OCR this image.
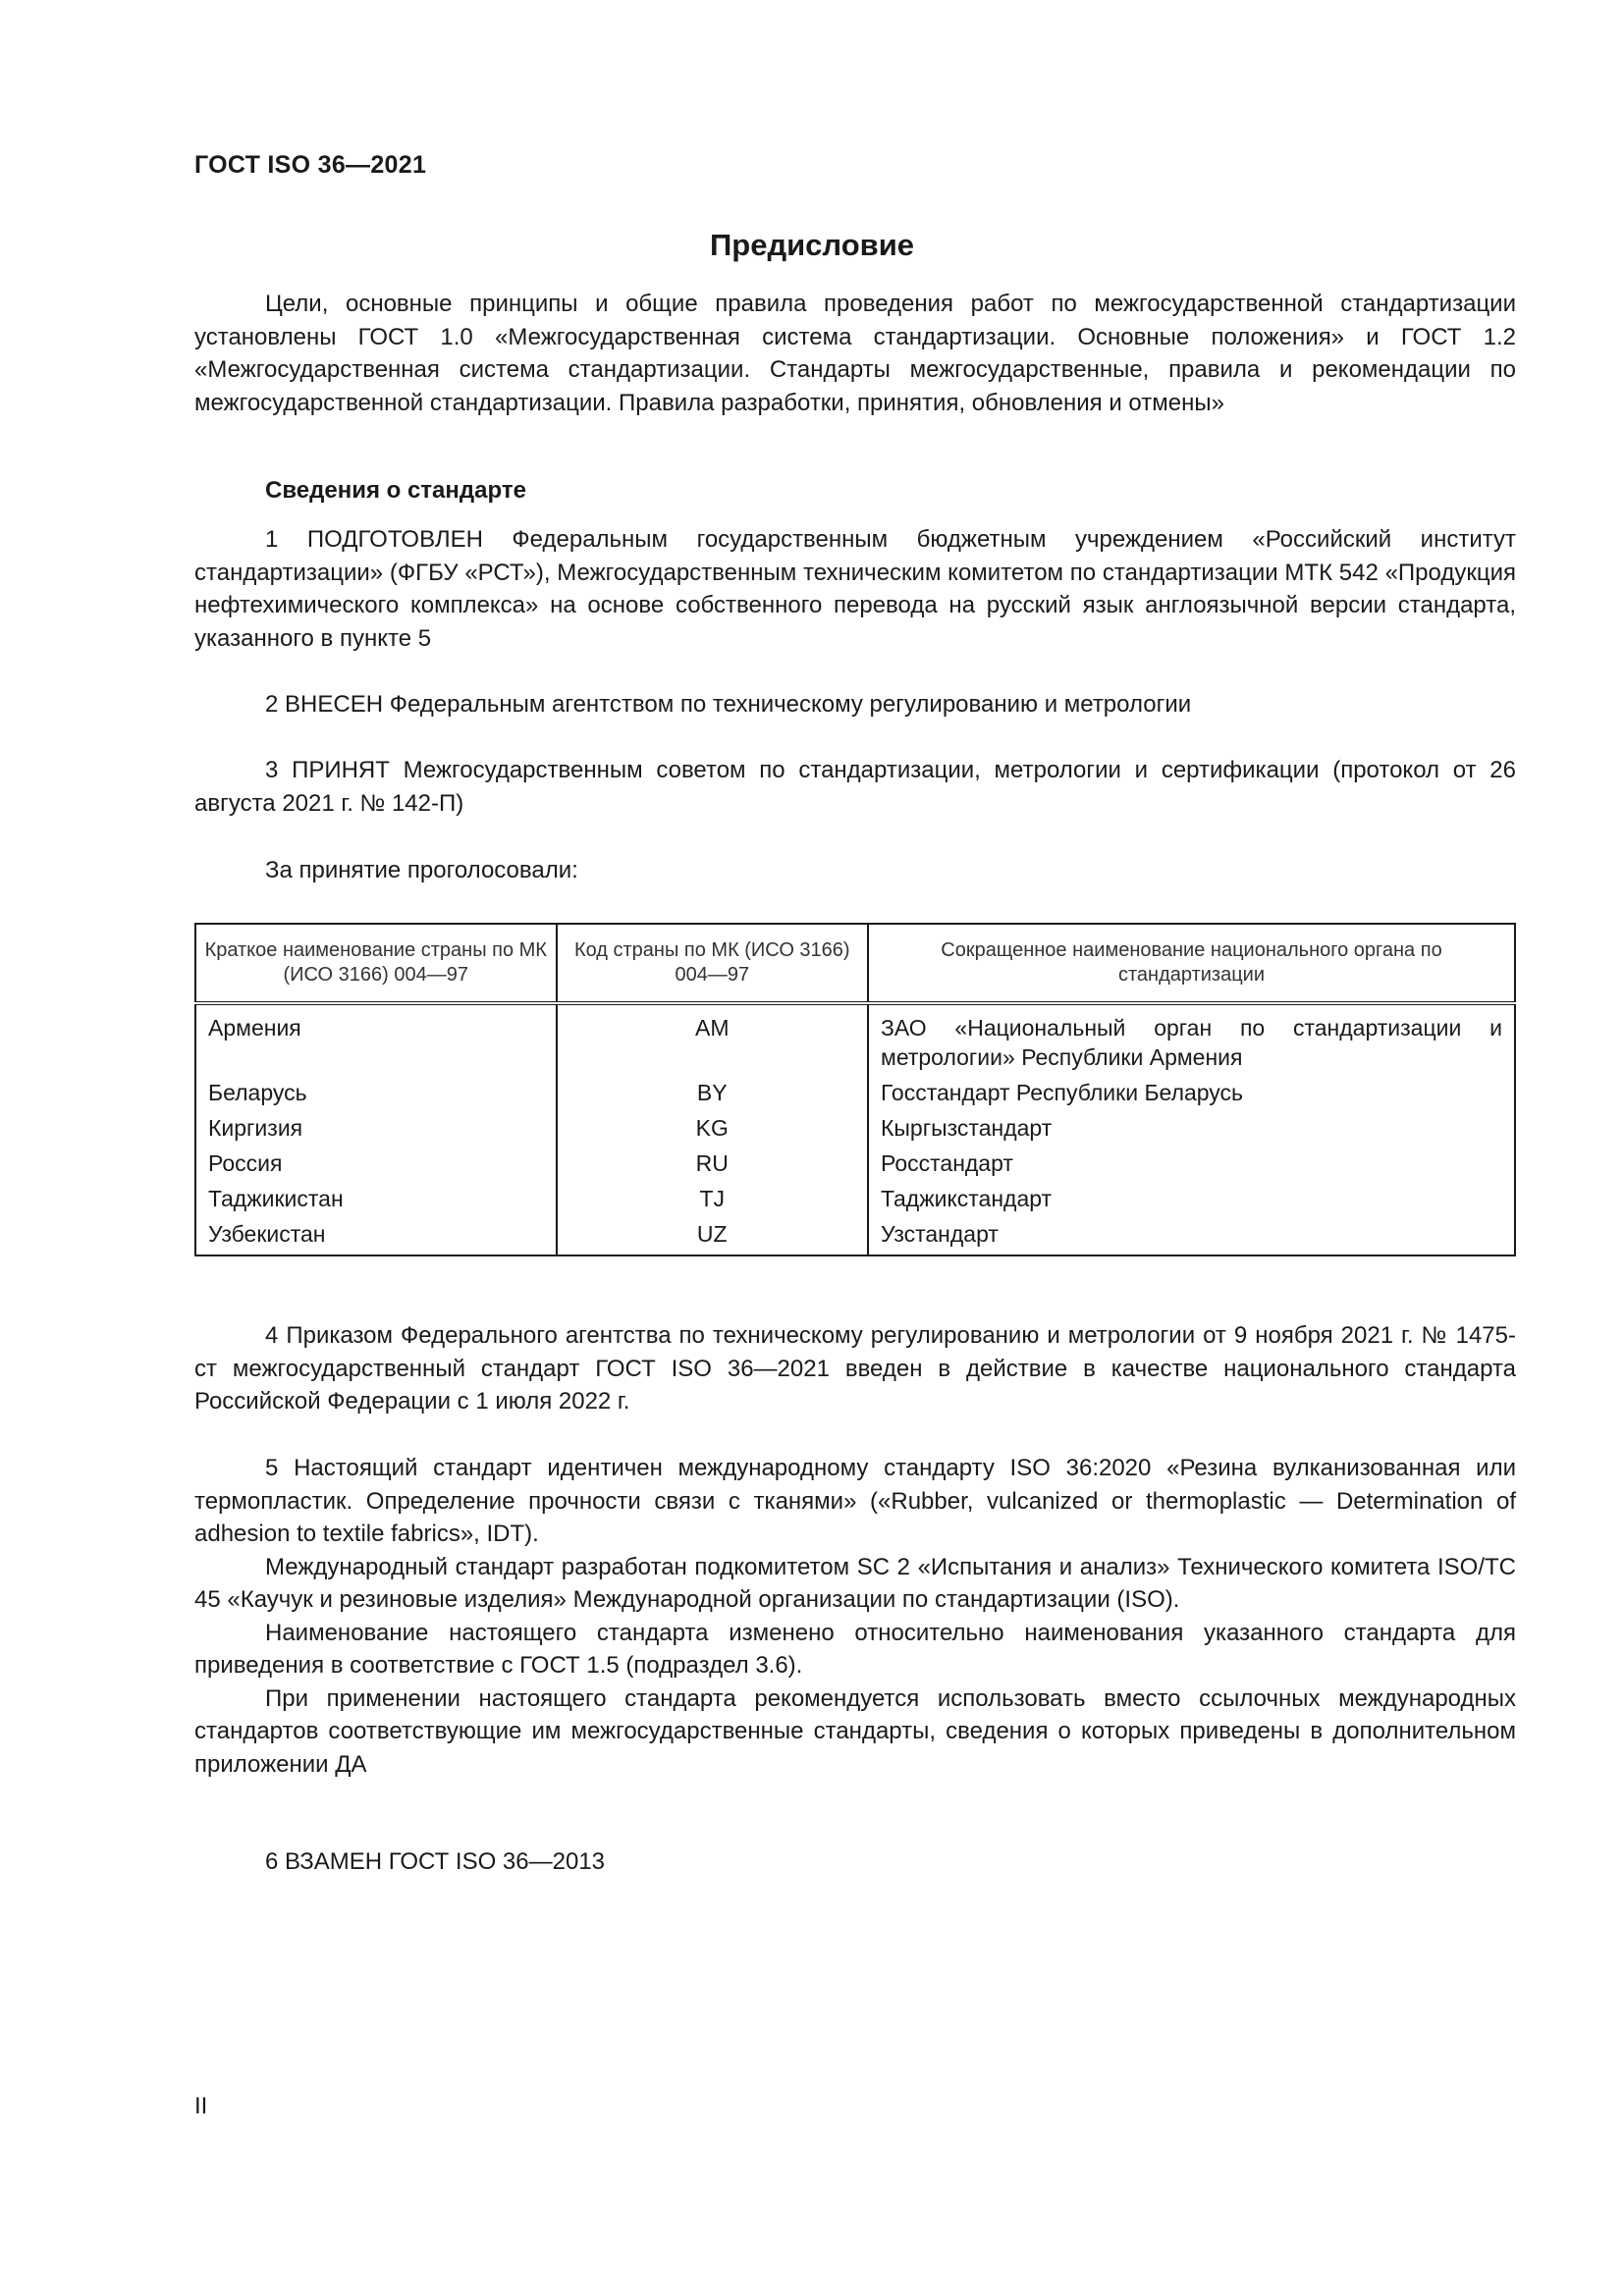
ГОСТ ISO 36—2021
Предисловие

Цели, основные принципы и общие правила проведения работ по межгосударственной стандартизации установлены ГОСТ 1.0 «Межгосударственная система стандартизации. Основные положения» и ГОСТ 1.2 «Межгосударственная система стандартизации. Стандарты межгосударственные, правила и рекомендации по межгосударственной стандартизации. Правила разработки, принятия, обновления и отмены»

Сведения о стандарте

1 ПОДГОТОВЛЕН Федеральным государственным бюджетным учреждением «Российский институт стандартизации» (ФГБУ «РСТ»), Межгосударственным техническим комитетом по стандартизации МТК 542 «Продукция нефтехимического комплекса» на основе собственного перевода на русский язык англоязычной версии стандарта, указанного в пункте 5

2 ВНЕСЕН Федеральным агентством по техническому регулированию и метрологии

3 ПРИНЯТ Межгосударственным советом по стандартизации, метрологии и сертификации (протокол от 26 августа 2021 г. № 142-П)

За принятие проголосовали:

Краткое наименование страны по МК (ИСО 3166) 004—97	Код страны по МК (ИСО 3166) 004—97	Сокращенное наименование национального органа по стандартизации
Армения	AM	ЗАО «Национальный орган по стандартизации и метрологии» Республики Армения
Беларусь	BY	Госстандарт Республики Беларусь
Киргизия	KG	Кыргызстандарт
Россия	RU	Росстандарт
Таджикистан	TJ	Таджикстандарт
Узбекистан	UZ	Узстандарт

4 Приказом Федерального агентства по техническому регулированию и метрологии от 9 ноября 2021 г. № 1475-ст межгосударственный стандарт ГОСТ ISO 36—2021 введен в действие в качестве национального стандарта Российской Федерации с 1 июля 2022 г.

5 Настоящий стандарт идентичен международному стандарту ISO 36:2020 «Резина вулканизованная или термопластик. Определение прочности связи с тканями» («Rubber, vulcanized or thermoplastic — Determination of adhesion to textile fabrics», IDT).

Международный стандарт разработан подкомитетом SC 2 «Испытания и анализ» Технического комитета ISO/TC 45 «Каучук и резиновые изделия» Международной организации по стандартизации (ISO).

Наименование настоящего стандарта изменено относительно наименования указанного стандарта для приведения в соответствие с ГОСТ 1.5 (подраздел 3.6).

При применении настоящего стандарта рекомендуется использовать вместо ссылочных международных стандартов соответствующие им межгосударственные стандарты, сведения о которых приведены в дополнительном приложении ДА

6 ВЗАМЕН ГОСТ ISO 36—2013

II
